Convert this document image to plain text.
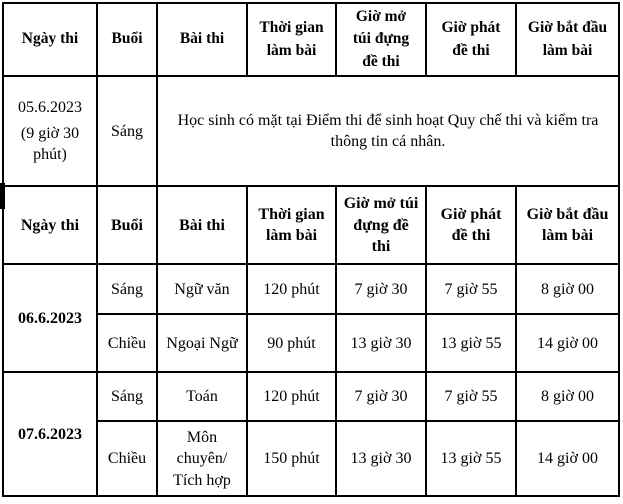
Ngày thi	Buổi	Bài thi	Thời gian làm bài	Giờ mở túi đựng đề thi	Giờ phát đề thi	Giờ bắt đầu làm bài

05.6.2023
(9 giờ 30 phút)	Sáng	Học sinh có mặt tại Điểm thi để sinh hoạt Quy chế thi và kiểm tra thông tin cá nhân.				
Ngày thi	Buổi	Bài thi	Thời gian làm bài	Giờ mở túi đựng đề thi	Giờ phát đề thi	Giờ bắt đầu làm bài
06.6.2023	Sáng	Ngữ văn	120 phút	7 giờ 30	7 giờ 55	8 giờ 00
	Chiều	Ngoại Ngữ	90 phút	13 giờ 30	13 giờ 55	14 giờ 00
07.6.2023	Sáng	Toán	120 phút	7 giờ 30	7 giờ 55	8 giờ 00
	Chiều	Môn chuyên/ Tích hợp	150 phút	13 giờ 30	13 giờ 55	14 giờ 00
